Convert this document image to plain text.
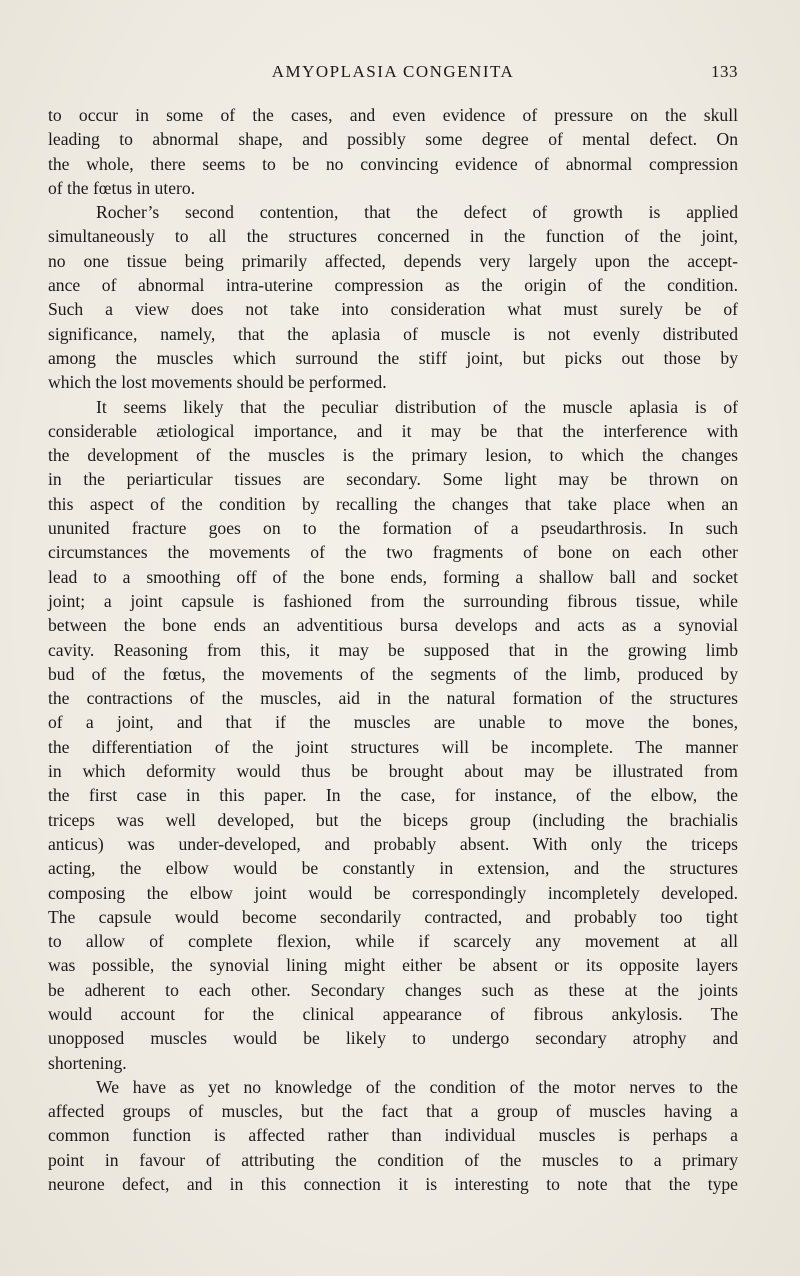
AMYOPLASIA CONGENITA	133
to occur in some of the cases, and even evidence of pressure on the skull
leading to abnormal shape, and possibly some degree of mental defect. On
the whole, there seems to be no convincing evidence of abnormal compression
of the fœtus in utero.
Rocher’s second contention, that the defect of growth is applied
simultaneously to all the structures concerned in the function of the joint,
no one tissue being primarily affected, depends very largely upon the accept-
ance of abnormal intra-uterine compression as the origin of the condition.
Such a view does not take into consideration what must surely be of
significance, namely, that the aplasia of muscle is not evenly distributed
among the muscles which surround the stiff joint, but picks out those by
which the lost movements should be performed.
It seems likely that the peculiar distribution of the muscle aplasia is of
considerable ætiological importance, and it may be that the interference with
the development of the muscles is the primary lesion, to which the changes
in the periarticular tissues are secondary. Some light may be thrown on
this aspect of the condition by recalling the changes that take place when an
ununited fracture goes on to the formation of a pseudarthrosis. In such
circumstances the movements of the two fragments of bone on each other
lead to a smoothing off of the bone ends, forming a shallow ball and socket
joint; a joint capsule is fashioned from the surrounding fibrous tissue, while
between the bone ends an adventitious bursa develops and acts as a synovial
cavity. Reasoning from this, it may be supposed that in the growing limb
bud of the fœtus, the movements of the segments of the limb, produced by
the contractions of the muscles, aid in the natural formation of the structures
of a joint, and that if the muscles are unable to move the bones,
the differentiation of the joint structures will be incomplete. The manner
in which deformity would thus be brought about may be illustrated from
the first case in this paper. In the case, for instance, of the elbow, the
triceps was well developed, but the biceps group (including the brachialis
anticus) was under-developed, and probably absent. With only the triceps
acting, the elbow would be constantly in extension, and the structures
composing the elbow joint would be correspondingly incompletely developed.
The capsule would become secondarily contracted, and probably too tight
to allow of complete flexion, while if scarcely any movement at all
was possible, the synovial lining might either be absent or its opposite layers
be adherent to each other. Secondary changes such as these at the joints
would account for the clinical appearance of fibrous ankylosis. The
unopposed muscles would be likely to undergo secondary atrophy and
shortening.
We have as yet no knowledge of the condition of the motor nerves to the
affected groups of muscles, but the fact that a group of muscles having a
common function is affected rather than individual muscles is perhaps a
point in favour of attributing the condition of the muscles to a primary
neurone defect, and in this connection it is interesting to note that the type
